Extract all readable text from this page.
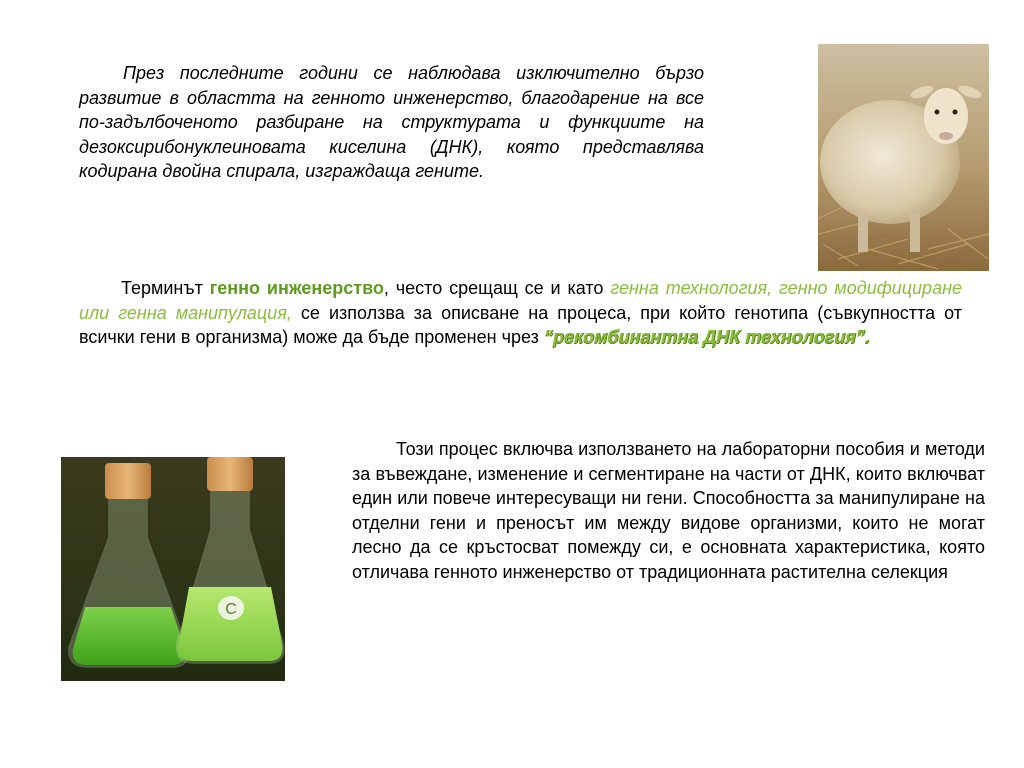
През последните години се наблюдава изключително бързо развитие в областта на генното инженерство, благодарение на все по-задълбоченото разбиране на структурата и функциите на дезоксирибонуклеиновата киселина (ДНК), която представлява кодирана двойна спирала, изграждаща гените.

Терминът генно инженерство, често срещащ се и като генна технология, генно модифициране или генна манипулация, се използва за описване на процеса, при който генотипа (съвкупността от всички гени в организма) може да бъде променен чрез “рекомбинантна ДНК технология”.

Този процес включва използването на лабораторни пособия и методи за въвеждане, изменение и сегментиране на части от ДНК, които включват един или повече интересуващи ни гени. Способността за манипулиране на отделни гени и преносът им между видове организми, които не могат лесно да се кръстосват помежду си, е основната характеристика, която отличава генното инженерство от традиционната растителна селекция

C
